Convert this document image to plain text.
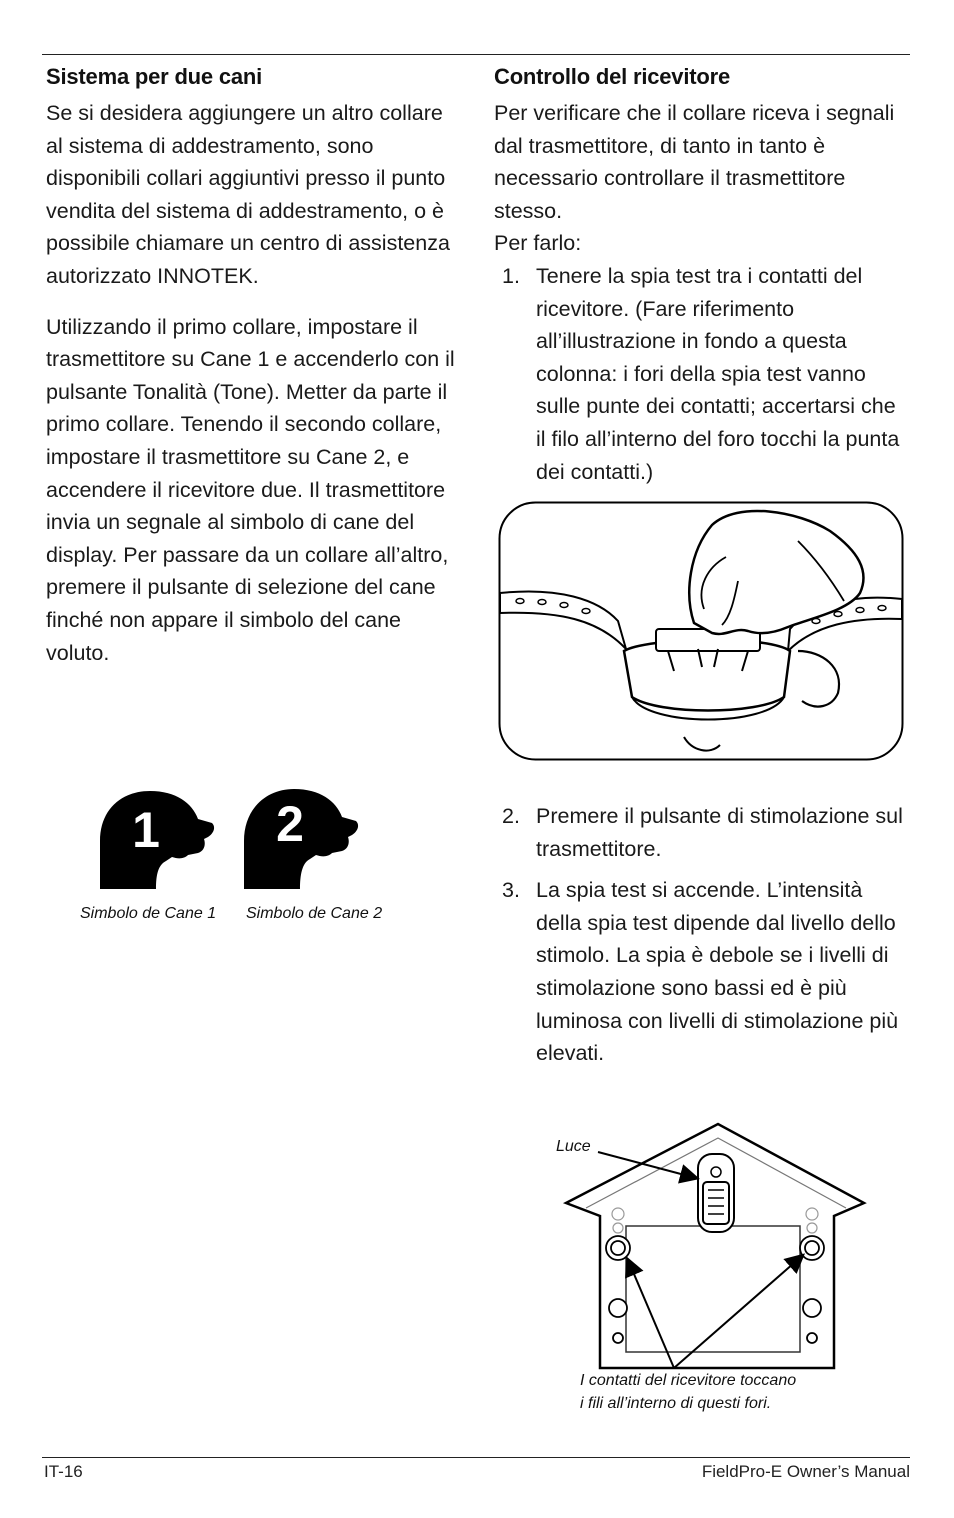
Sistema per due cani

Se si desidera aggiungere un altro collare al sistema di addestramento, sono disponibili collari aggiuntivi presso il punto vendita del sistema di addestramento, o è possibile chiamare un centro di assistenza autorizzato INNOTEK.

Utilizzando il primo collare, impostare il trasmettitore su Cane 1 e accenderlo con il pulsante Tonalità (Tone). Metter da parte il primo collare. Tenendo il secondo collare, impostare il trasmettitore su Cane 2, e accendere il ricevitore due. Il trasmettitore invia un segnale al simbolo di cane del display. Per passare da un collare all’altro, premere il pulsante di selezione del cane finché non appare il simbolo del cane voluto.

1 2
Simbolo de Cane 1 Simbolo de Cane 2
Controllo del ricevitore

Per verificare che il collare riceva i segnali dal trasmettitore, di tanto in tanto è necessario controllare il trasmettitore stesso.

Per farlo:

1. Tenere la spia test tra i contatti del ricevitore. (Fare riferimento all’illustrazione in fondo a questa colonna: i fori della spia test vanno sulle punte dei contatti; accertarsi che il filo all’interno del foro tocchi la punta dei contatti.)
2. Premere il pulsante di stimolazione sul trasmettitore.
3. La spia test si accende. L’intensità della spia test dipende dal livello dello stimolo. La spia è debole se i livelli di stimolazione sono bassi ed è più luminosa con livelli di stimolazione più elevati.
Luce
I contatti del ricevitore toccano
i fili all’interno di questi fori.
IT-16	FieldPro-E Owner’s Manual
